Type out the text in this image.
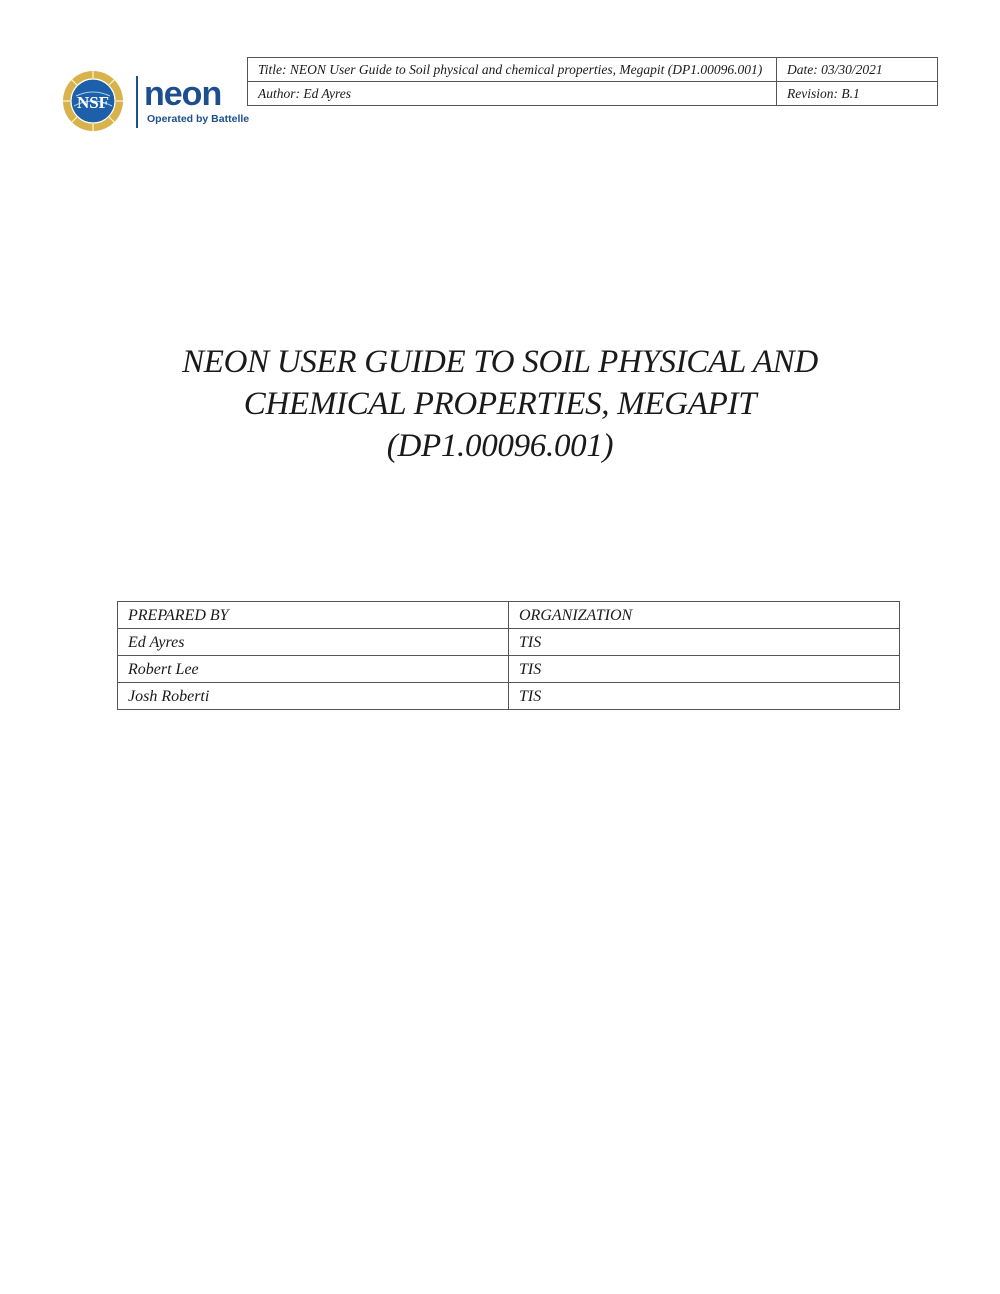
NSF neon
Operated by Battelle
Title: NEON User Guide to Soil physical and chemical properties, Megapit (DP1.00096.001)	Date: 03/30/2021
Author: Ed Ayres	Revision: B.1
NEON USER GUIDE TO SOIL PHYSICAL AND
CHEMICAL PROPERTIES, MEGAPIT
(DP1.00096.001)
PREPARED BY	ORGANIZATION
Ed Ayres	TIS
Robert Lee	TIS
Josh Roberti	TIS
